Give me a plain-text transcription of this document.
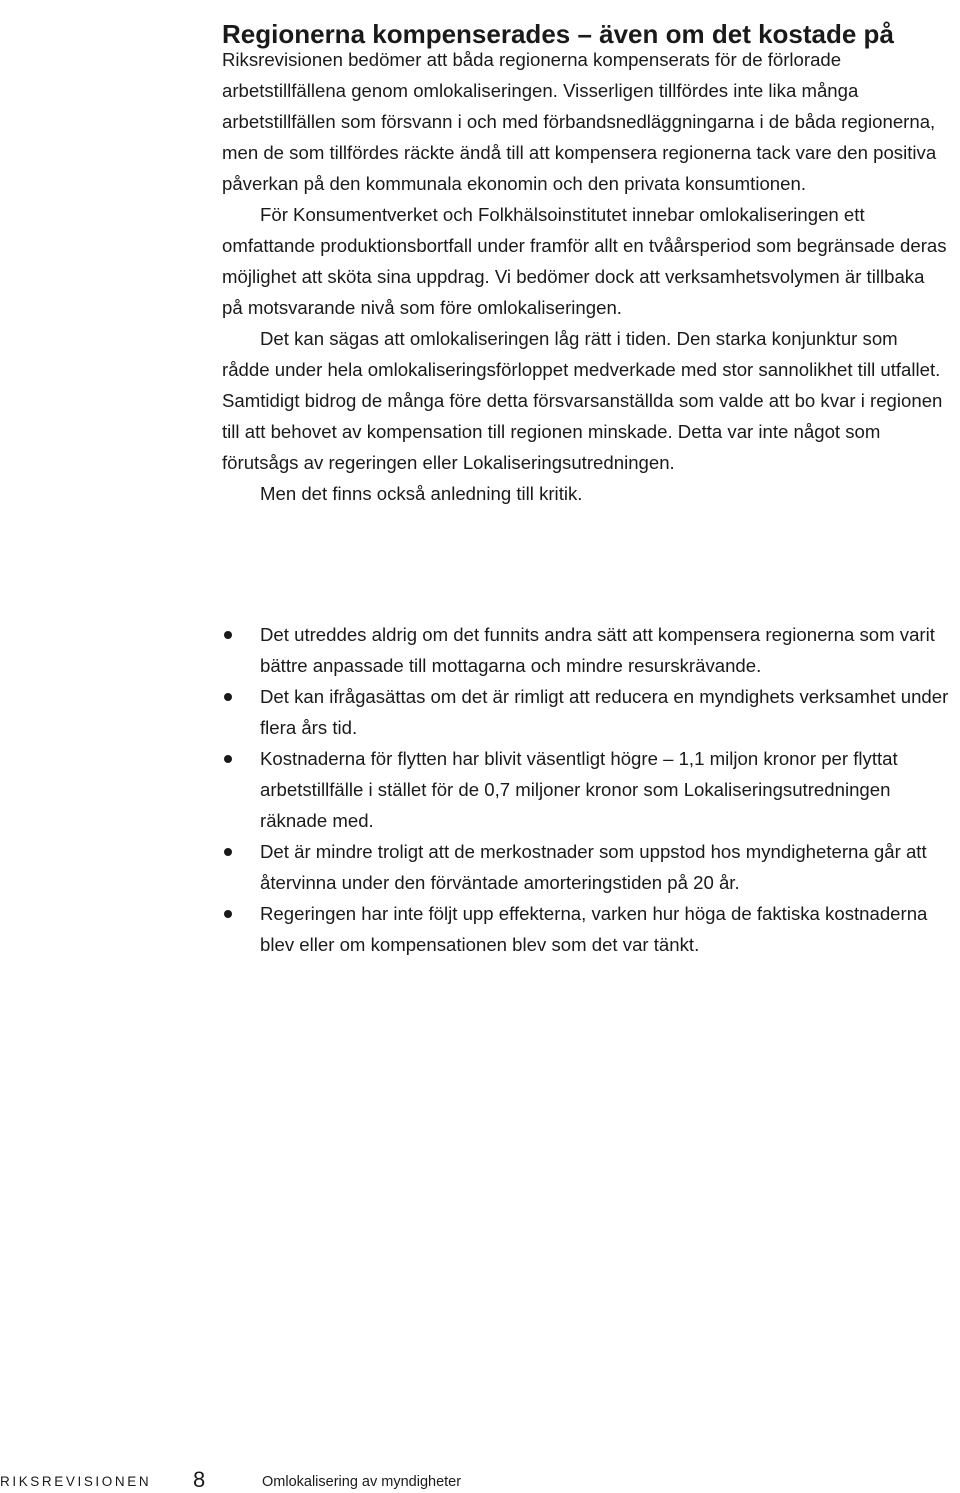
Regionerna kompenserades – även om det kostade på

Riksrevisionen bedömer att båda regionerna kompenserats för de förlorade arbetstillfällena genom omlokaliseringen. Visserligen tillfördes inte lika många arbetstillfällen som försvann i och med förbandsnedläggningarna i de båda regionerna, men de som tillfördes räckte ändå till att kompensera regionerna tack vare den positiva påverkan på den kommunala ekonomin och den privata konsumtionen.

För Konsumentverket och Folkhälsoinstitutet innebar omlokaliseringen ett omfattande produktionsbortfall under framför allt en tvåårsperiod som begränsade deras möjlighet att sköta sina uppdrag. Vi bedömer dock att verksamhetsvolymen är tillbaka på motsvarande nivå som före omlokaliseringen.

Det kan sägas att omlokaliseringen låg rätt i tiden. Den starka konjunktur som rådde under hela omlokaliseringsförloppet medverkade med stor sannolikhet till utfallet. Samtidigt bidrog de många före detta försvarsanställda som valde att bo kvar i regionen till att behovet av kompensation till regionen minskade. Detta var inte något som förutsågs av regeringen eller Lokaliseringsutredningen.

Men det finns också anledning till kritik.

Det utreddes aldrig om det funnits andra sätt att kompensera regionerna som varit bättre anpassade till mottagarna och mindre resurskrävande.
Det kan ifrågasättas om det är rimligt att reducera en myndighets verksamhet under flera års tid.
Kostnaderna för flytten har blivit väsentligt högre – 1,1 miljon kronor per flyttat arbetstillfälle i stället för de 0,7 miljoner kronor som Lokaliseringsutredningen räknade med.
Det är mindre troligt att de merkostnader som uppstod hos myndigheterna går att återvinna under den förväntade amorteringstiden på 20 år.
Regeringen har inte följt upp effekterna, varken hur höga de faktiska kostnaderna blev eller om kompensationen blev som det var tänkt.
RIKSREVISIONEN 8	Omlokalisering av myndigheter
